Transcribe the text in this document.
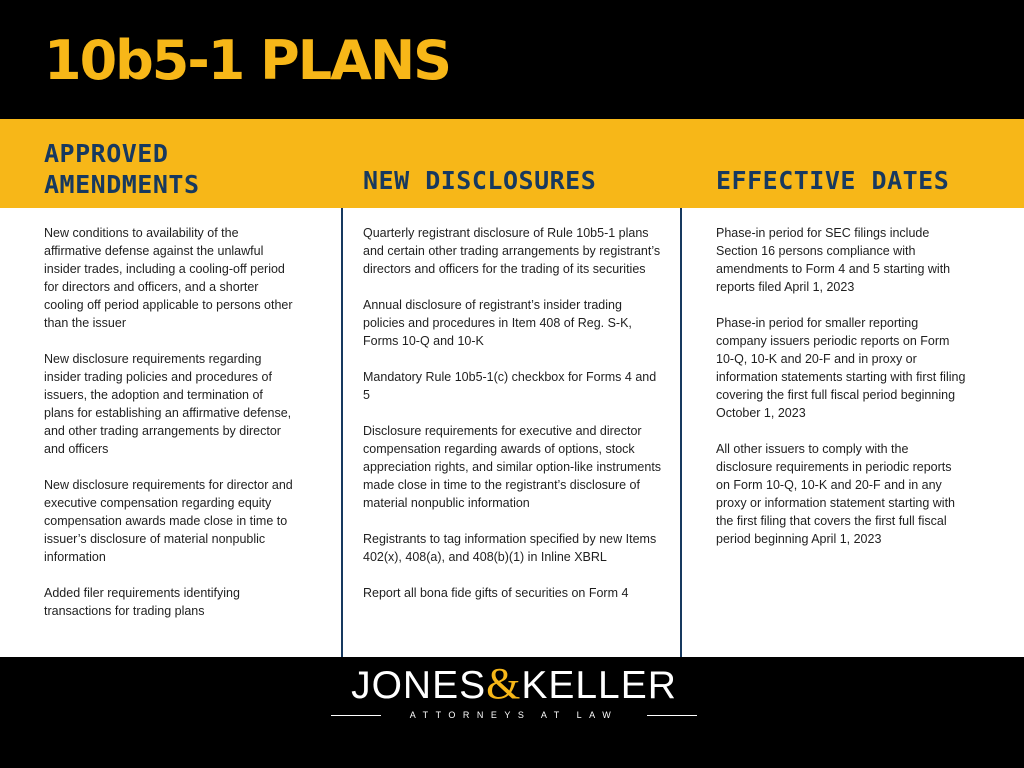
10b5-1 PLANS
APPROVED AMENDMENTS	NEW DISCLOSURES	EFFECTIVE DATES
New conditions to availability of the affirmative defense against the unlawful insider trades, including a cooling-off period for directors and officers, and a shorter cooling off period applicable to persons other than the issuer
New disclosure requirements regarding insider trading policies and procedures of issuers, the adoption and termination of plans for establishing an affirmative defense, and other trading arrangements by director and officers
New disclosure requirements for director and executive compensation regarding equity compensation awards made close in time to issuer’s disclosure of material nonpublic information
Added filer requirements identifying transactions for trading plans
Quarterly registrant disclosure of Rule 10b5-1 plans and certain other trading arrangements by registrant’s directors and officers for the trading of its securities
Annual disclosure of registrant’s insider trading policies and procedures in Item 408 of Reg. S-K, Forms 10-Q and 10-K
Mandatory Rule 10b5-1(c) checkbox for Forms 4 and 5
Disclosure requirements for executive and director compensation regarding awards of options, stock appreciation rights, and similar option-like instruments made close in time to the registrant’s disclosure of material nonpublic information
Registrants to tag information specified by new Items 402(x), 408(a), and 408(b)(1) in Inline XBRL
Report all bona fide gifts of securities on Form 4
Phase-in period for SEC filings include Section 16 persons compliance with amendments to Form 4 and 5 starting with reports filed April 1, 2023
Phase-in period for smaller reporting company issuers periodic reports on Form 10-Q, 10-K and 20-F and in proxy or information statements starting with first filing covering the first full fiscal period beginning October 1, 2023
All other issuers to comply with the disclosure requirements in periodic reports on Form 10-Q, 10-K and 20-F and in any proxy or information statement starting with the first filing that covers the first full fiscal period beginning April 1, 2023
JONES&KELLER
ATTORNEYS AT LAW
